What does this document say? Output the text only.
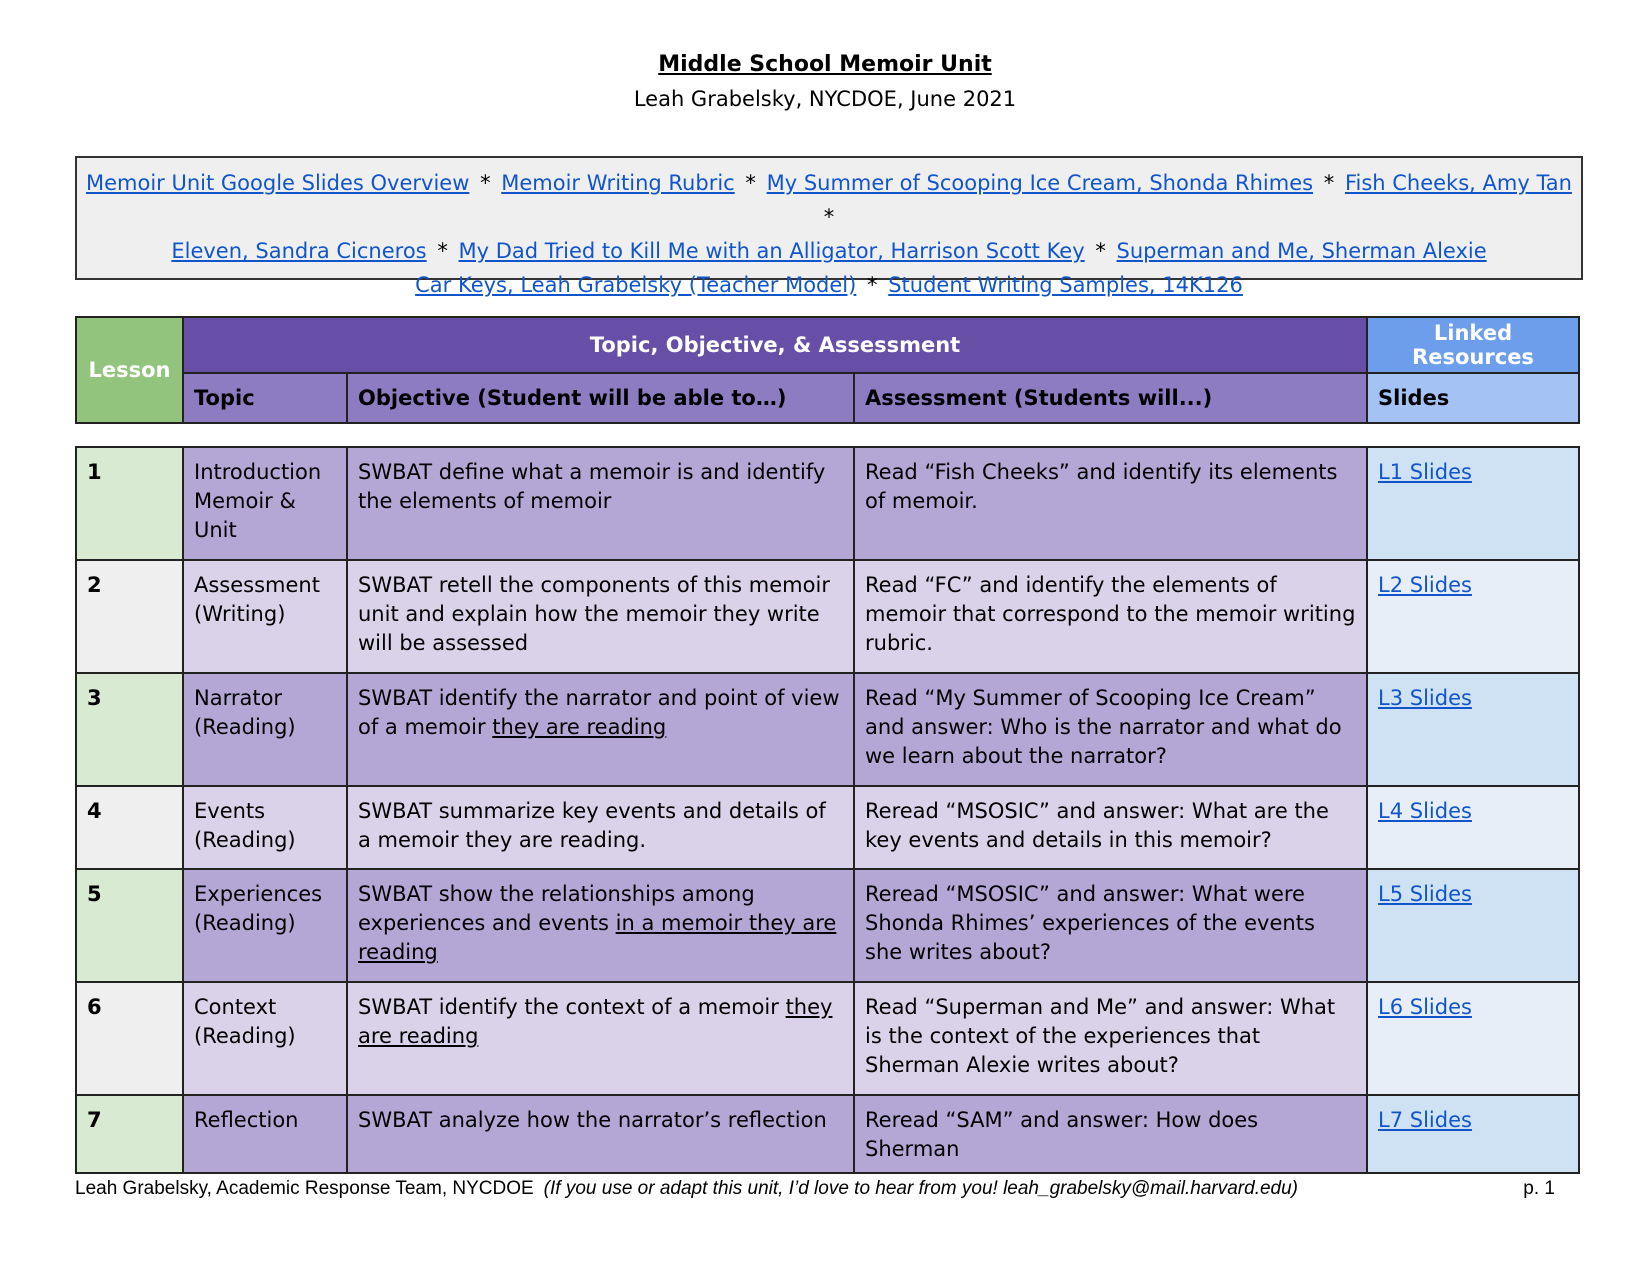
Middle School Memoir Unit
Leah Grabelsky, NYCDOE, June 2021
Memoir Unit Google Slides Overview * Memoir Writing Rubric * My Summer of Scooping Ice Cream, Shonda Rhimes * Fish Cheeks, Amy Tan *
Eleven, Sandra Cicneros * My Dad Tried to Kill Me with an Alligator, Harrison Scott Key * Superman and Me, Sherman Alexie
Car Keys, Leah Grabelsky (Teacher Model) * Student Writing Samples, 14K126
Lesson	Topic, Objective, & Assessment			Linked Resources
	Topic	Objective (Student will be able to…)	Assessment (Students will...)	Slides
1	Introduction Memoir & Unit	SWBAT define what a memoir is and identify the elements of memoir	Read “Fish Cheeks” and identify its elements of memoir.	L1 Slides
2	Assessment (Writing)	SWBAT retell the components of this memoir unit and explain how the memoir they write will be assessed	Read “FC” and identify the elements of memoir that correspond to the memoir writing rubric.	L2 Slides
3	Narrator (Reading)	SWBAT identify the narrator and point of view of a memoir they are reading	Read “My Summer of Scooping Ice Cream” and answer: Who is the narrator and what do we learn about the narrator?	L3 Slides
4	Events (Reading)	SWBAT summarize key events and details of a memoir they are reading.	Reread “MSOSIC” and answer: What are the key events and details in this memoir?	L4 Slides
5	Experiences (Reading)	SWBAT show the relationships among experiences and events in a memoir they are reading	Reread “MSOSIC” and answer: What were Shonda Rhimes’ experiences of the events she writes about?	L5 Slides
6	Context (Reading)	SWBAT identify the context of a memoir they are reading	Read “Superman and Me” and answer: What is the context of the experiences that Sherman Alexie writes about?	L6 Slides
7	Reflection	SWBAT analyze how the narrator’s reflection	Reread “SAM” and answer: How does Sherman	L7 Slides
Leah Grabelsky, Academic Response Team, NYCDOE (If you use or adapt this unit, I’d love to hear from you! leah_grabelsky@mail.harvard.edu)	p. 1
